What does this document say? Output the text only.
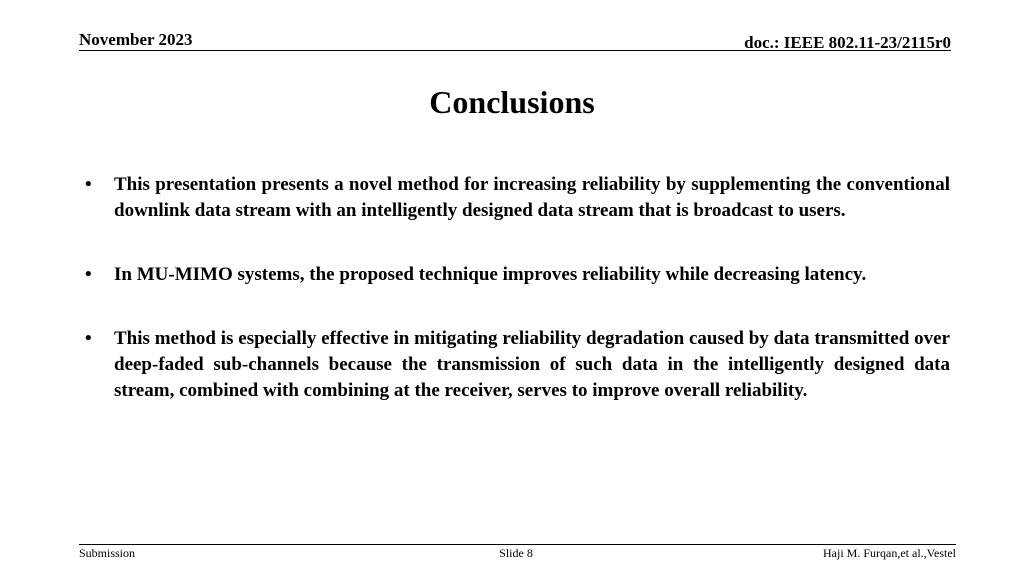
November 2023	doc.: IEEE 802.11-23/2115r0
Conclusions
• This presentation presents a novel method for increasing reliability by supplementing the conventional downlink data stream with an intelligently designed data stream that is broadcast to users.
• In MU-MIMO systems, the proposed technique improves reliability while decreasing latency.
• This method is especially effective in mitigating reliability degradation caused by data transmitted over deep-faded sub-channels because the transmission of such data in the intelligently designed data stream, combined with combining at the receiver, serves to improve overall reliability.
Submission	Slide 8	Haji M. Furqan,et al.,Vestel
